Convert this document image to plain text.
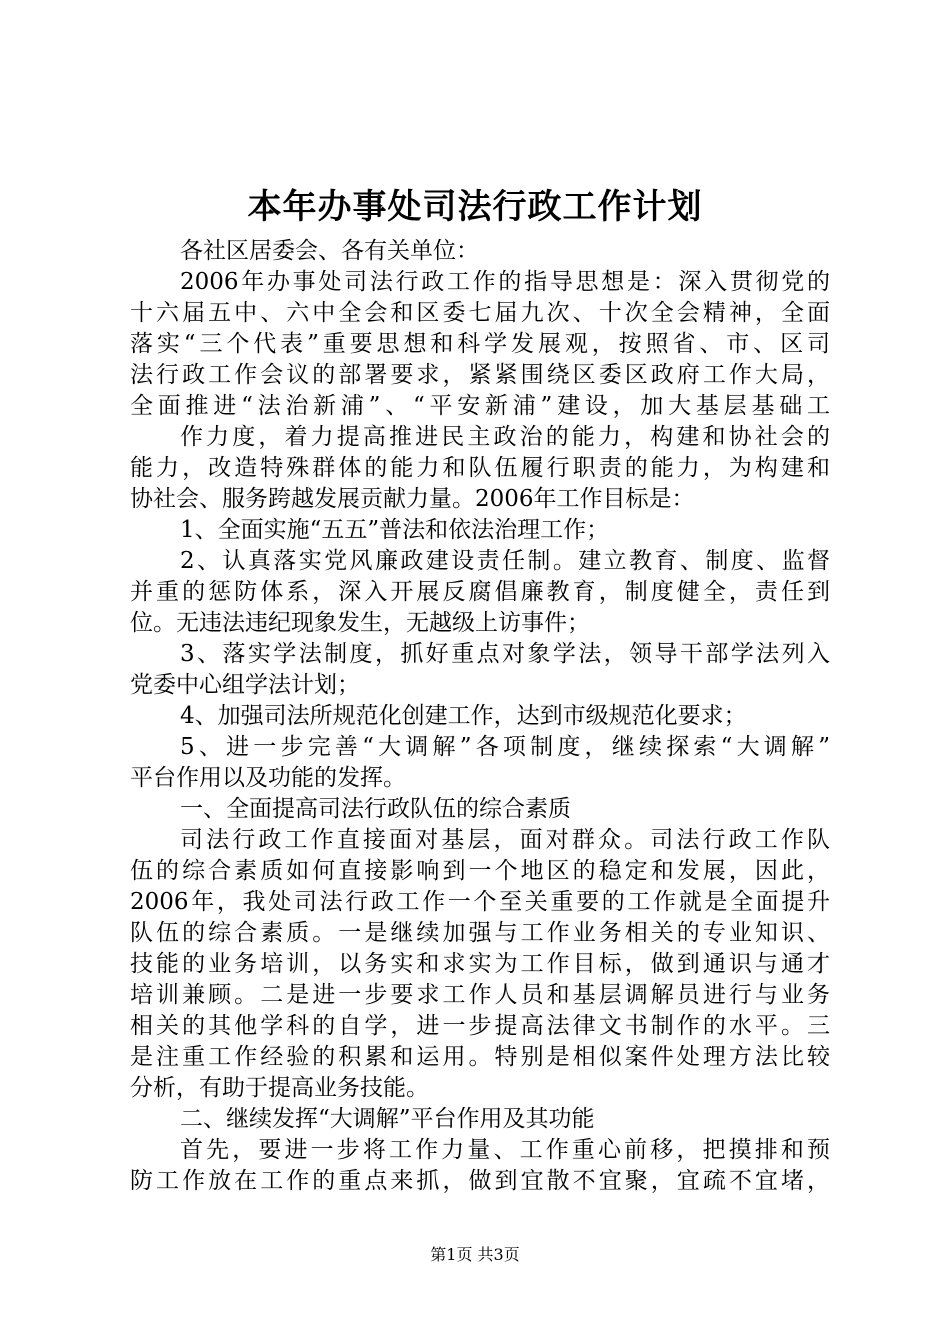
本年办事处司法行政工作计划
各社区居委会、各有关单位：
2006年办事处司法行政工作的指导思想是：深入贯彻党的
十六届五中、六中全会和区委七届九次、十次全会精神，全面
落实“三个代表”重要思想和科学发展观，按照省、市、区司
法行政工作会议的部署要求，紧紧围绕区委区政府工作大局，
全面推进“法治新浦”、“平安新浦”建设，加大基层基础工
作力度，着力提高推进民主政治的能力，构建和协社会的
能力，改造特殊群体的能力和队伍履行职责的能力，为构建和
协社会、服务跨越发展贡献力量。2006年工作目标是：
1、全面实施“五五”普法和依法治理工作；
2、认真落实党风廉政建设责任制。建立教育、制度、监督
并重的惩防体系，深入开展反腐倡廉教育，制度健全，责任到
位。无违法违纪现象发生，无越级上访事件；
3、落实学法制度，抓好重点对象学法，领导干部学法列入
党委中心组学法计划；
4、加强司法所规范化创建工作，达到市级规范化要求；
5、进一步完善“大调解”各项制度，继续探索“大调解”
平台作用以及功能的发挥。
一、全面提高司法行政队伍的综合素质
司法行政工作直接面对基层，面对群众。司法行政工作队
伍的综合素质如何直接影响到一个地区的稳定和发展，因此，
2006年，我处司法行政工作一个至关重要的工作就是全面提升
队伍的综合素质。一是继续加强与工作业务相关的专业知识、
技能的业务培训，以务实和求实为工作目标，做到通识与通才
培训兼顾。二是进一步要求工作人员和基层调解员进行与业务
相关的其他学科的自学，进一步提高法律文书制作的水平。三
是注重工作经验的积累和运用。特别是相似案件处理方法比较
分析，有助于提高业务技能。
二、继续发挥“大调解”平台作用及其功能
首先，要进一步将工作力量、工作重心前移，把摸排和预
防工作放在工作的重点来抓，做到宜散不宜聚，宜疏不宜堵，
第1页 共3页
